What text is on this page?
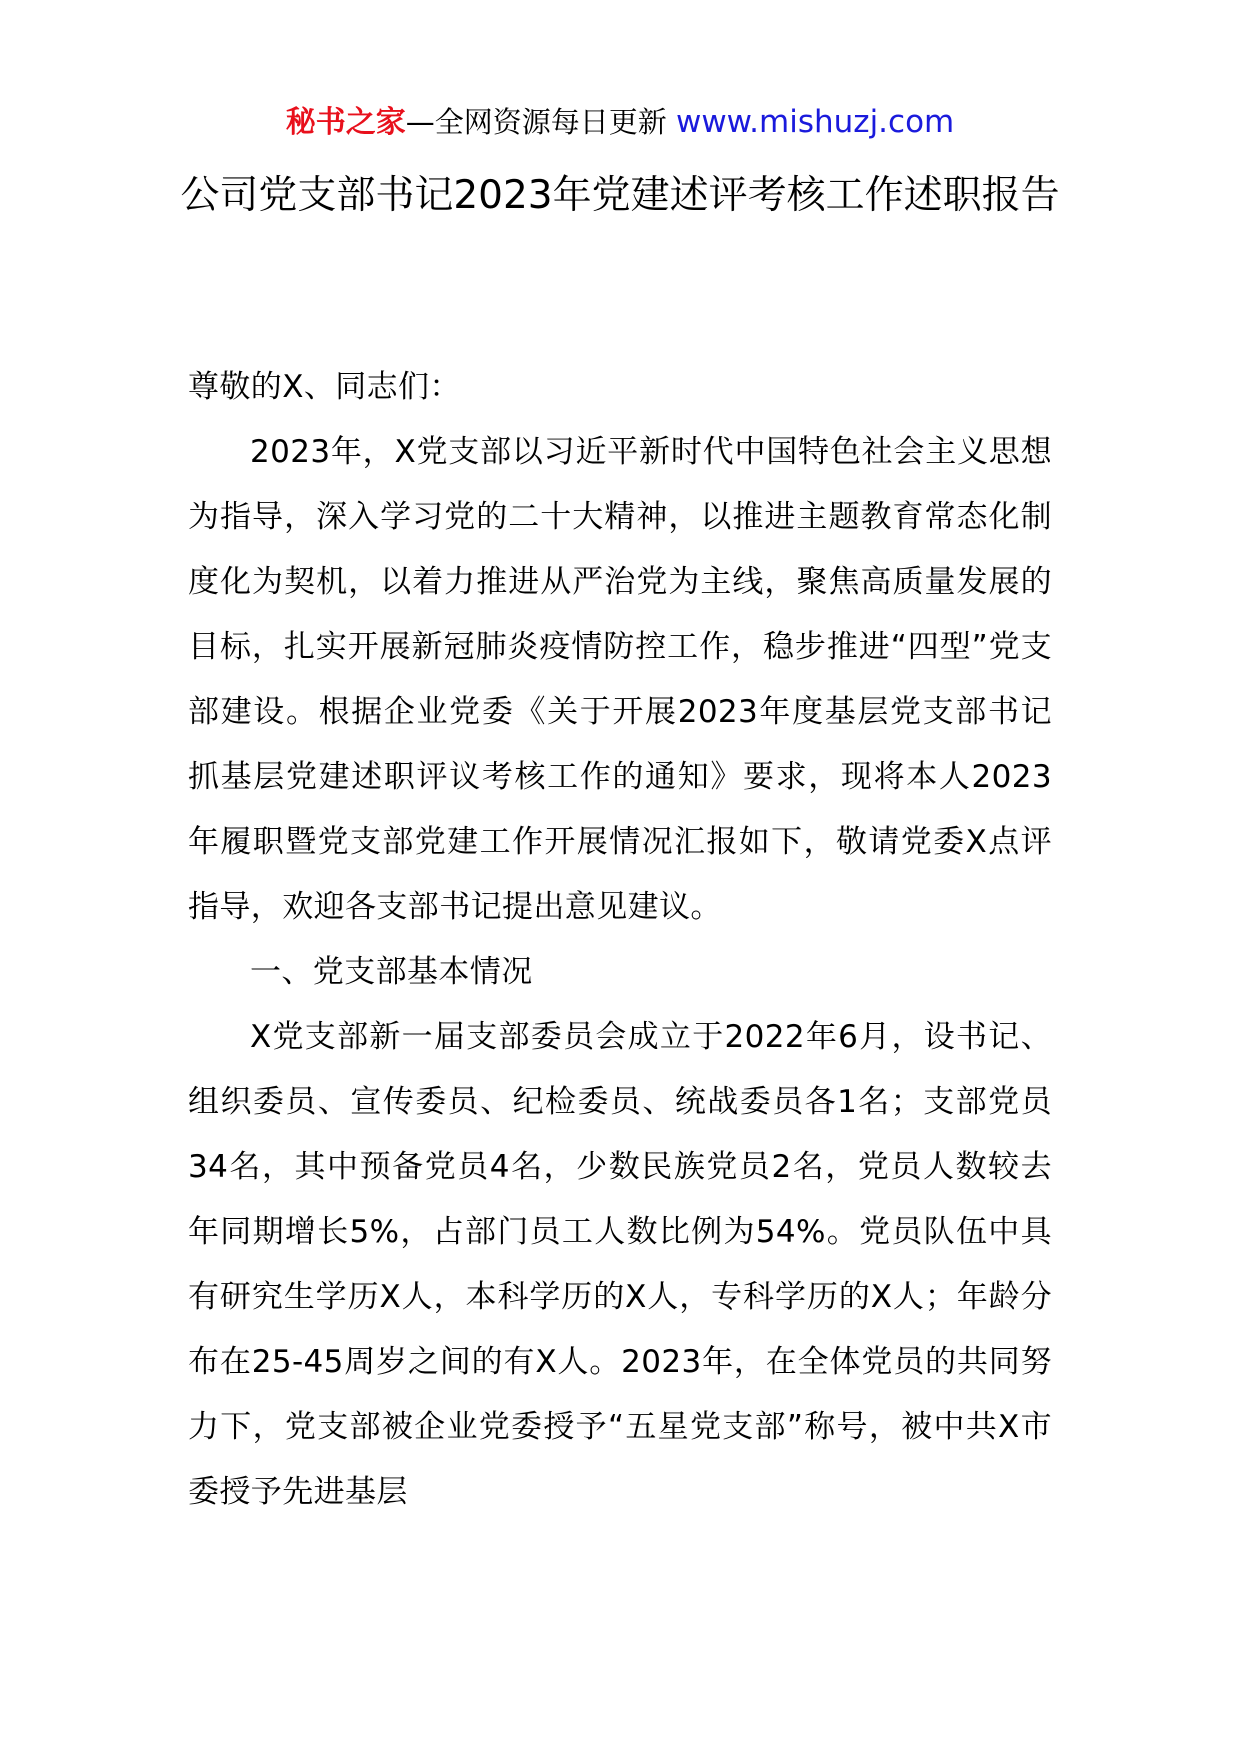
秘书之家—全网资源每日更新 www.mishuzj.com
公司党支部书记2023年党建述评考核工作述职报告

尊敬的X、同志们：

2023年，X党支部以习近平新时代中国特色社会主义思想为指导，深入学习党的二十大精神，以推进主题教育常态化制度化为契机，以着力推进从严治党为主线，聚焦高质量发展的目标，扎实开展新冠肺炎疫情防控工作，稳步推进“四型”党支部建设。根据企业党委《关于开展2023年度基层党支部书记抓基层党建述职评议考核工作的通知》要求，现将本人2023年履职暨党支部党建工作开展情况汇报如下，敬请党委X点评指导，欢迎各支部书记提出意见建议。

一、党支部基本情况

X党支部新一届支部委员会成立于2022年6月，设书记、组织委员、宣传委员、纪检委员、统战委员各1名；支部党员34名，其中预备党员4名，少数民族党员2名，党员人数较去年同期增长5%，占部门员工人数比例为54%。党员队伍中具有研究生学历X人，本科学历的X人，专科学历的X人；年龄分布在25-45周岁之间的有X人。2023年，在全体党员的共同努力下，党支部被企业党委授予“五星党支部”称号，被中共X市委授予先进基层
